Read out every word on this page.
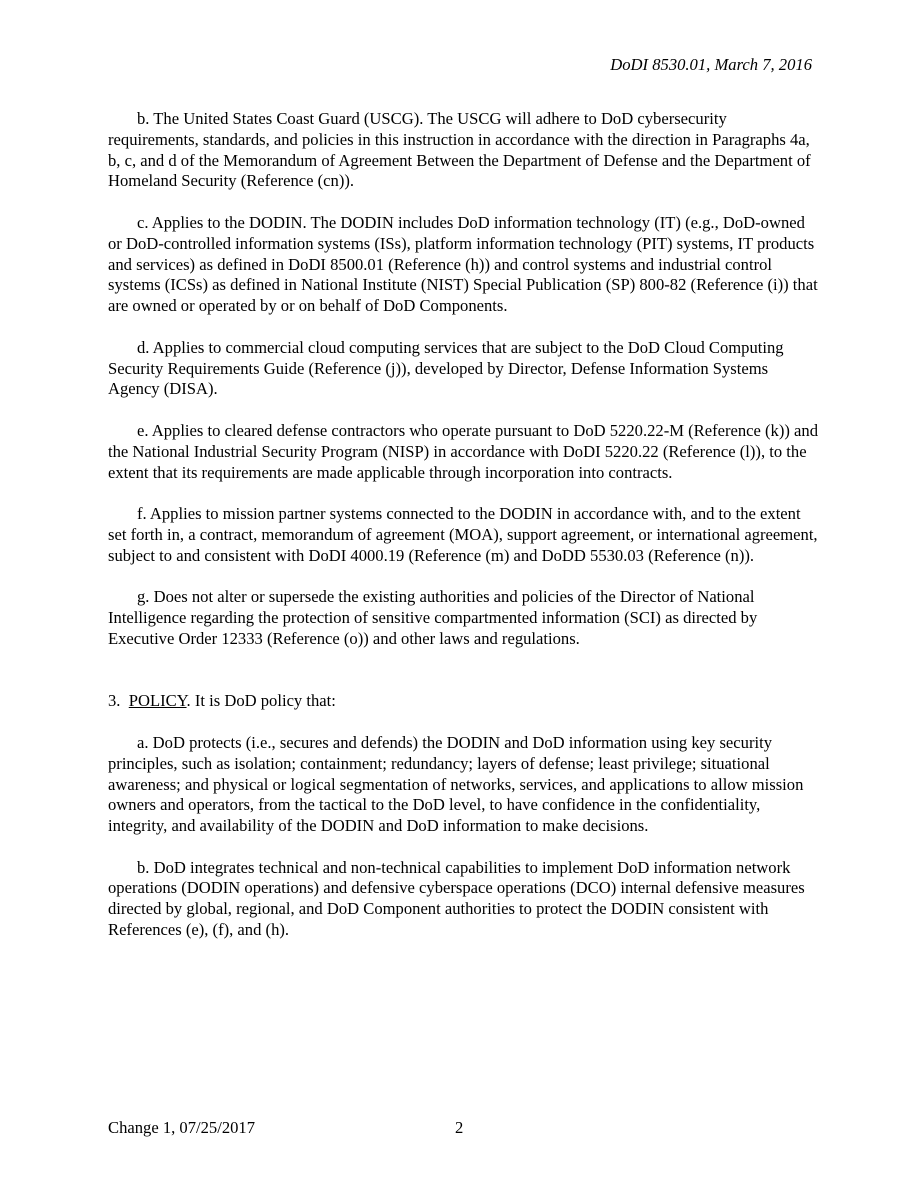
DoDI 8530.01, March 7, 2016

b. The United States Coast Guard (USCG). The USCG will adhere to DoD cybersecurity requirements, standards, and policies in this instruction in accordance with the direction in Paragraphs 4a, b, c, and d of the Memorandum of Agreement Between the Department of Defense and the Department of Homeland Security (Reference (cn)).

c. Applies to the DODIN. The DODIN includes DoD information technology (IT) (e.g., DoD-owned or DoD-controlled information systems (ISs), platform information technology (PIT) systems, IT products and services) as defined in DoDI 8500.01 (Reference (h)) and control systems and industrial control systems (ICSs) as defined in National Institute (NIST) Special Publication (SP) 800-82 (Reference (i)) that are owned or operated by or on behalf of DoD Components.

d. Applies to commercial cloud computing services that are subject to the DoD Cloud Computing Security Requirements Guide (Reference (j)), developed by Director, Defense Information Systems Agency (DISA).

e. Applies to cleared defense contractors who operate pursuant to DoD 5220.22-M (Reference (k)) and the National Industrial Security Program (NISP) in accordance with DoDI 5220.22 (Reference (l)), to the extent that its requirements are made applicable through incorporation into contracts.

f. Applies to mission partner systems connected to the DODIN in accordance with, and to the extent set forth in, a contract, memorandum of agreement (MOA), support agreement, or international agreement, subject to and consistent with DoDI 4000.19 (Reference (m) and DoDD 5530.03 (Reference (n)).

g. Does not alter or supersede the existing authorities and policies of the Director of National Intelligence regarding the protection of sensitive compartmented information (SCI) as directed by Executive Order 12333 (Reference (o)) and other laws and regulations.

3. POLICY. It is DoD policy that:

a. DoD protects (i.e., secures and defends) the DODIN and DoD information using key security principles, such as isolation; containment; redundancy; layers of defense; least privilege; situational awareness; and physical or logical segmentation of networks, services, and applications to allow mission owners and operators, from the tactical to the DoD level, to have confidence in the confidentiality, integrity, and availability of the DODIN and DoD information to make decisions.

b. DoD integrates technical and non-technical capabilities to implement DoD information network operations (DODIN operations) and defensive cyberspace operations (DCO) internal defensive measures directed by global, regional, and DoD Component authorities to protect the DODIN consistent with References (e), (f), and (h).

Change 1, 07/25/2017	2
